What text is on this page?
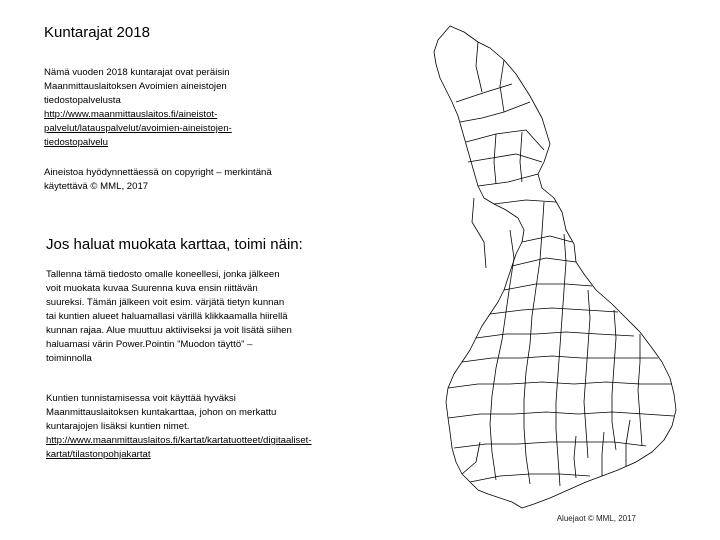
Kuntarajat 2018
Nämä vuoden 2018 kuntarajat ovat peräisin Maanmittauslaitoksen Avoimien aineistojen tiedostopalvelusta http://www.maanmittauslaitos.fi/aineistot-palvelut/latauspalvelut/avoimien-aineistojen-tiedostopalvelu
Aineistoa hyödynnettäessä on copyright – merkintänä käytettävä © MML, 2017
Jos haluat muokata karttaa, toimi näin:
Tallenna tämä tiedosto omalle koneellesi, jonka jälkeen voit muokata kuvaa Suurenna kuva ensin riittävän suureksi. Tämän jälkeen voit esim. värjätä tietyn kunnan tai kuntien alueet haluamallasi värillä klikkaamalla hiirellä kunnan rajaa. Alue muuttuu aktiiviseksi ja voit lisätä siihen haluamasi värin Power.Pointin ”Muodon täyttö” –toiminnolla
Kuntien tunnistamisessa voit käyttää hyväksi Maanmittauslaitoksen kuntakarttaa, johon on merkattu kuntarajojen lisäksi kuntien nimet. http://www.maanmittauslaitos.fi/kartat/kartatuotteet/digitaaliset-kartat/tilastonpohjakartat
Aluejaot © MML, 2017
